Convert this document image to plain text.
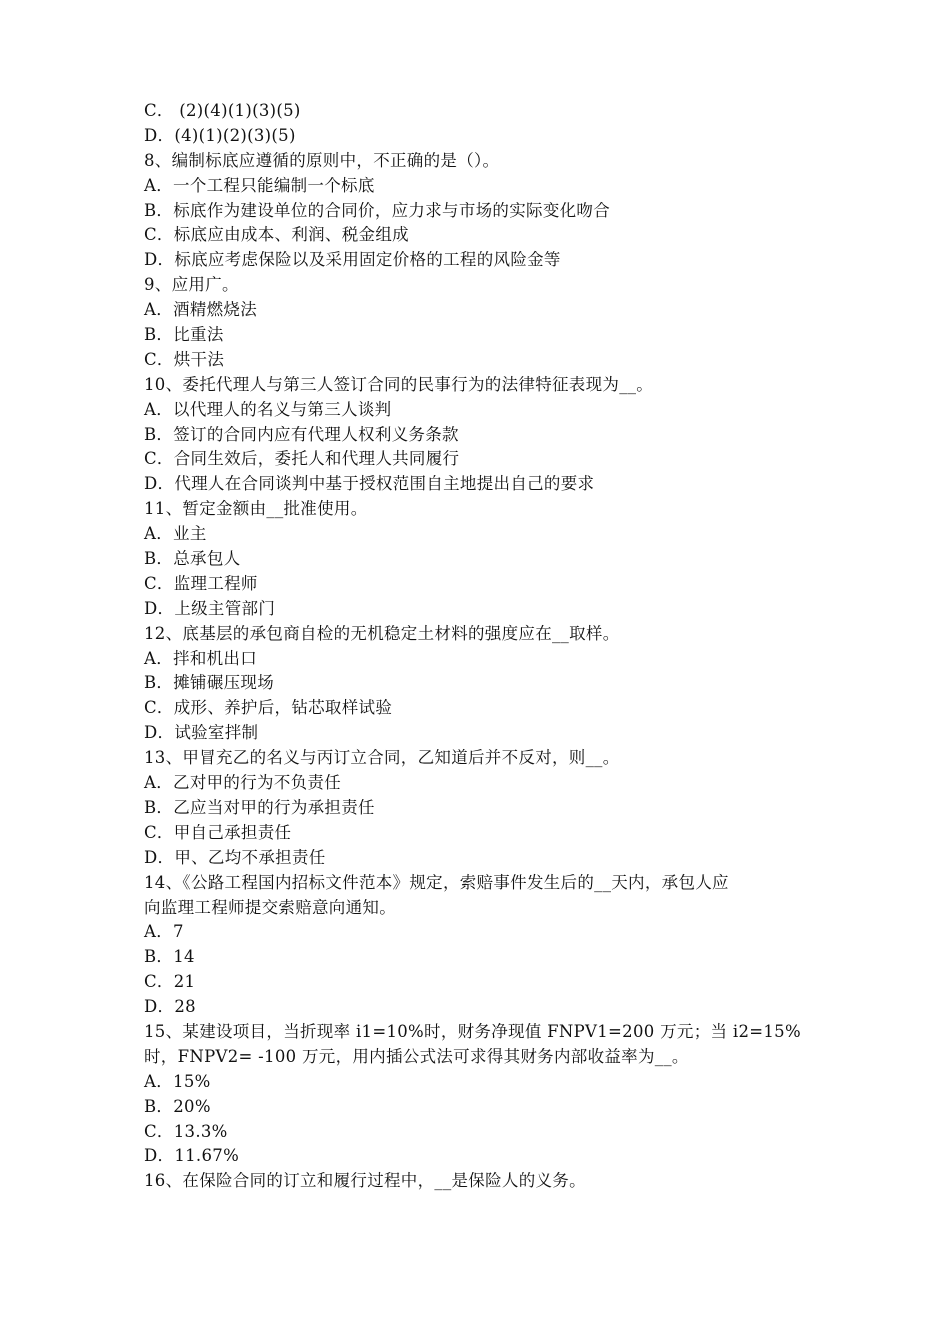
C． (2)(4)(1)(3)(5)
D．(4)(1)(2)(3)(5)
8、编制标底应遵循的原则中，不正确的是（）。
A．一个工程只能编制一个标底
B．标底作为建设单位的合同价，应力求与市场的实际变化吻合
C．标底应由成本、利润、税金组成
D．标底应考虑保险以及采用固定价格的工程的风险金等
9、应用广。
A．酒精燃烧法
B．比重法
C．烘干法
10、委托代理人与第三人签订合同的民事行为的法律特征表现为__。
A．以代理人的名义与第三人谈判
B．签订的合同内应有代理人权利义务条款
C．合同生效后，委托人和代理人共同履行
D．代理人在合同谈判中基于授权范围自主地提出自己的要求
11、暂定金额由__批准使用。
A．业主
B．总承包人
C．监理工程师
D．上级主管部门
12、底基层的承包商自检的无机稳定土材料的强度应在__取样。
A．拌和机出口
B．摊铺碾压现场
C．成形、养护后，钻芯取样试验
D．试验室拌制
13、甲冒充乙的名义与丙订立合同，乙知道后并不反对，则__。
A．乙对甲的行为不负责任
B．乙应当对甲的行为承担责任
C．甲自己承担责任
D．甲、乙均不承担责任
14、《公路工程国内招标文件范本》规定，索赔事件发生后的__天内，承包人应
向监理工程师提交索赔意向通知。
A．7
B．14
C．21
D．28
15、某建设项目，当折现率 i1=10%时，财务净现值 FNPV1=200 万元；当 i2=15%
时，FNPV2= -100 万元，用内插公式法可求得其财务内部收益率为__。
A．15%
B．20%
C．13.3%
D．11.67%
16、在保险合同的订立和履行过程中，__是保险人的义务。
